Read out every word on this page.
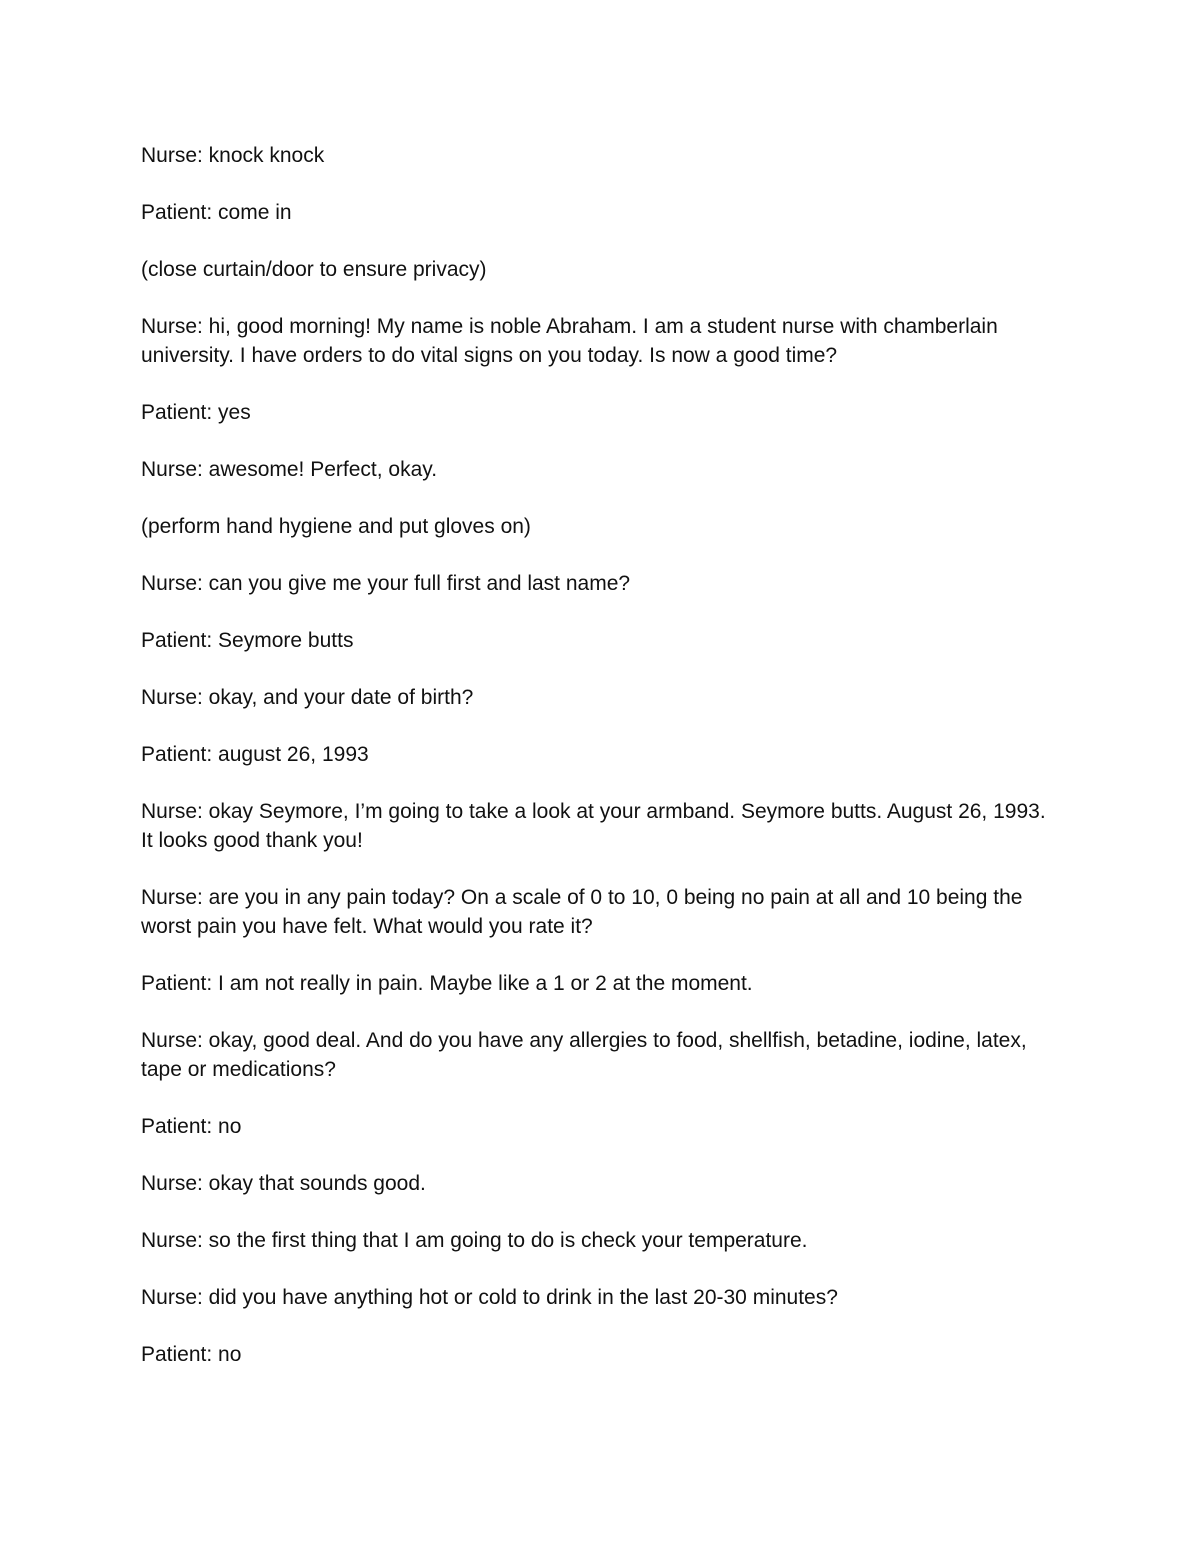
Nurse: knock knock

Patient: come in

(close curtain/door to ensure privacy)

Nurse: hi, good morning! My name is noble Abraham. I am a student nurse with chamberlain university. I have orders to do vital signs on you today. Is now a good time?

Patient: yes

Nurse: awesome! Perfect, okay.

(perform hand hygiene and put gloves on)

Nurse: can you give me your full first and last name?

Patient: Seymore butts

Nurse: okay, and your date of birth?

Patient: august 26, 1993

Nurse: okay Seymore, I’m going to take a look at your armband. Seymore butts. August 26, 1993. It looks good thank you!

Nurse: are you in any pain today? On a scale of 0 to 10, 0 being no pain at all and 10 being the worst pain you have felt. What would you rate it?

Patient: I am not really in pain. Maybe like a 1 or 2 at the moment.

Nurse: okay, good deal. And do you have any allergies to food, shellfish, betadine, iodine, latex, tape or medications?

Patient: no

Nurse: okay that sounds good.

Nurse: so the first thing that I am going to do is check your temperature.

Nurse: did you have anything hot or cold to drink in the last 20-30 minutes?

Patient: no
